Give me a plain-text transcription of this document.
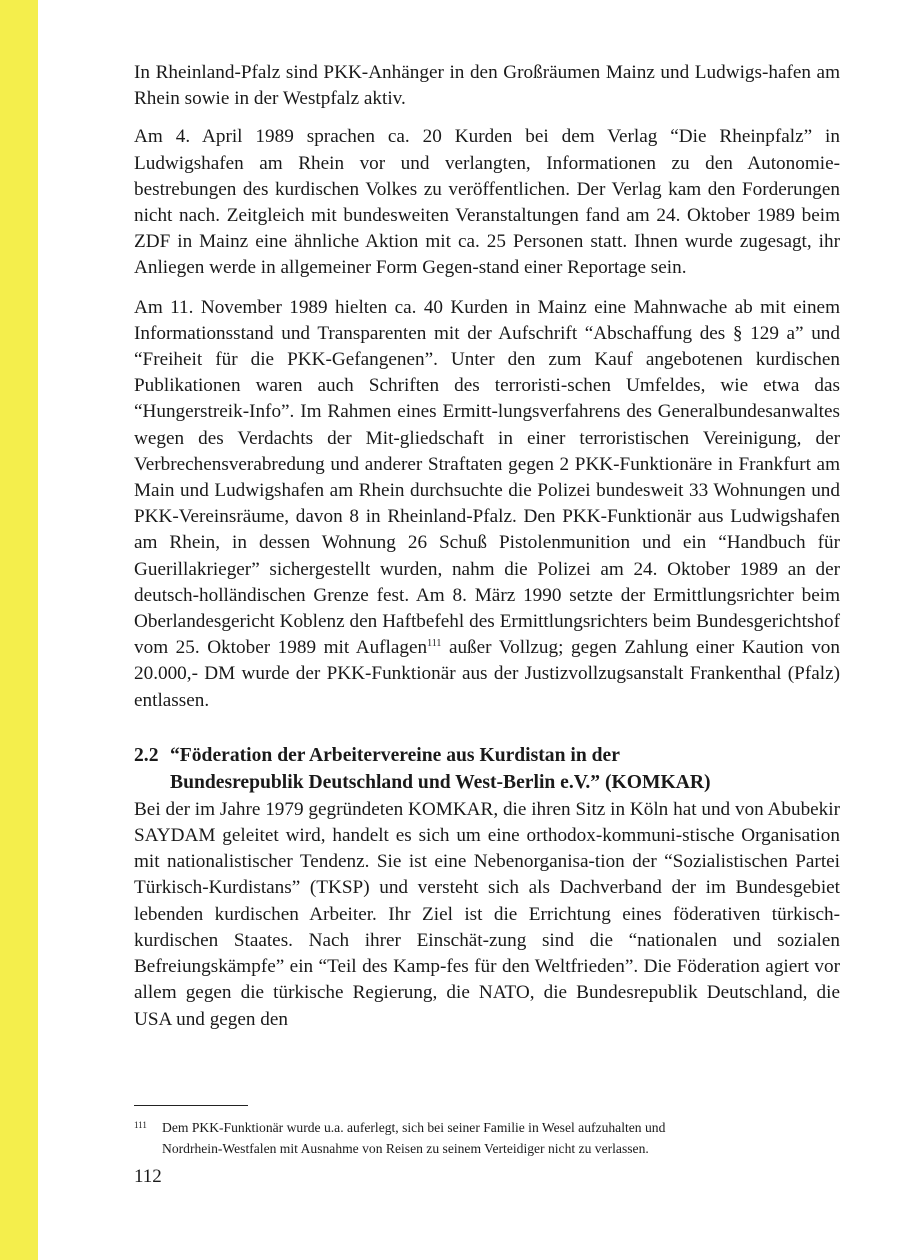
In Rheinland-Pfalz sind PKK-Anhänger in den Großräumen Mainz und Ludwigs-hafen am Rhein sowie in der Westpfalz aktiv.

Am 4. April 1989 sprachen ca. 20 Kurden bei dem Verlag “Die Rheinpfalz” in Ludwigshafen am Rhein vor und verlangten, Informationen zu den Autonomie-bestrebungen des kurdischen Volkes zu veröffentlichen. Der Verlag kam den Forderungen nicht nach. Zeitgleich mit bundesweiten Veranstaltungen fand am 24. Oktober 1989 beim ZDF in Mainz eine ähnliche Aktion mit ca. 25 Personen statt. Ihnen wurde zugesagt, ihr Anliegen werde in allgemeiner Form Gegen-stand einer Reportage sein.

Am 11. November 1989 hielten ca. 40 Kurden in Mainz eine Mahnwache ab mit einem Informationsstand und Transparenten mit der Aufschrift “Abschaffung des § 129 a” und “Freiheit für die PKK-Gefangenen”. Unter den zum Kauf angebotenen kurdischen Publikationen waren auch Schriften des terroristi-schen Umfeldes, wie etwa das “Hungerstreik-Info”. Im Rahmen eines Ermitt-lungsverfahrens des Generalbundesanwaltes wegen des Verdachts der Mit-gliedschaft in einer terroristischen Vereinigung, der Verbrechensverabredung und anderer Straftaten gegen 2 PKK-Funktionäre in Frankfurt am Main und Ludwigshafen am Rhein durchsuchte die Polizei bundesweit 33 Wohnungen und PKK-Vereinsräume, davon 8 in Rheinland-Pfalz. Den PKK-Funktionär aus Ludwigshafen am Rhein, in dessen Wohnung 26 Schuß Pistolenmunition und ein “Handbuch für Guerillakrieger” sichergestellt wurden, nahm die Polizei am 24. Oktober 1989 an der deutsch-holländischen Grenze fest. Am 8. März 1990 setzte der Ermittlungsrichter beim Oberlandesgericht Koblenz den Haftbefehl des Ermittlungsrichters beim Bundesgerichtshof vom 25. Oktober 1989 mit Auflagen$^{111}$ außer Vollzug; gegen Zahlung einer Kaution von 20.000,- DM wurde der PKK-Funktionär aus der Justizvollzugsanstalt Frankenthal (Pfalz) entlassen.

2.2 “Föderation der Arbeitervereine aus Kurdistan in der
Bundesrepublik Deutschland und West-Berlin e.V.” (KOMKAR)

Bei der im Jahre 1979 gegründeten KOMKAR, die ihren Sitz in Köln hat und von Abubekir SAYDAM geleitet wird, handelt es sich um eine orthodox-kommuni-stische Organisation mit nationalistischer Tendenz. Sie ist eine Nebenorganisa-tion der “Sozialistischen Partei Türkisch-Kurdistans” (TKSP) und versteht sich als Dachverband der im Bundesgebiet lebenden kurdischen Arbeiter. Ihr Ziel ist die Errichtung eines föderativen türkisch-kurdischen Staates. Nach ihrer Einschät-zung sind die “nationalen und sozialen Befreiungskämpfe” ein “Teil des Kamp-fes für den Weltfrieden”. Die Föderation agiert vor allem gegen die türkische Regierung, die NATO, die Bundesrepublik Deutschland, die USA und gegen den

111 Dem PKK-Funktionär wurde u.a. auferlegt, sich bei seiner Familie in Wesel aufzuhalten und
Nordrhein-Westfalen mit Ausnahme von Reisen zu seinem Verteidiger nicht zu verlassen.
112
